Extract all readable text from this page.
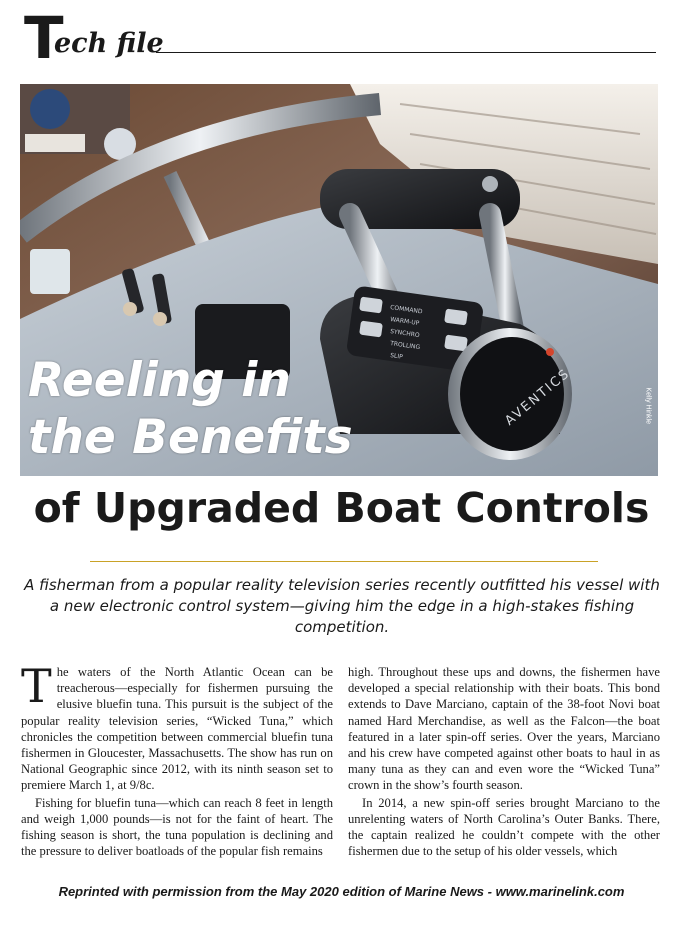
T
ech file
COMMAND
WARM-UP
SYNCHRO
TROLLING
SLIP
AVENTICS
Reeling in
the Benefits
Kelly Hinkle
of Upgraded Boat Controls
A fisherman from a popular reality television series recently outfitted his vessel with a new electronic control system—giving him the edge in a high-stakes fishing competition.

The waters of the North Atlantic Ocean can be treacherous—especially for fishermen pursuing the elusive bluefin tuna. This pursuit is the subject of the popular reality television series, “Wicked Tuna,” which chronicles the competition between commercial bluefin tuna fishermen in Gloucester, Massachusetts. The show has run on National Geographic since 2012, with its ninth season set to premiere March 1, at 9/8c.

Fishing for bluefin tuna—which can reach 8 feet in length and weigh 1,000 pounds—is not for the faint of heart. The fishing season is short, the tuna population is declining and the pressure to deliver boatloads of the popular fish remains

high. Throughout these ups and downs, the fishermen have developed a special relationship with their boats. This bond extends to Dave Marciano, captain of the 38-foot Novi boat named Hard Merchandise, as well as the Falcon—the boat featured in a later spin-off series. Over the years, Marciano and his crew have competed against other boats to haul in as many tuna as they can and even wore the “Wicked Tuna” crown in the show’s fourth season.

In 2014, a new spin-off series brought Marciano to the unrelenting waters of North Carolina’s Outer Banks. There, the captain realized he couldn’t compete with the other fishermen due to the setup of his older vessels, which

Reprinted with permission from the May 2020 edition of Marine News - www.marinelink.com
